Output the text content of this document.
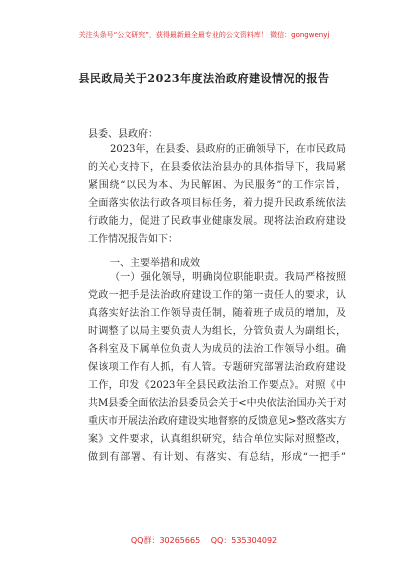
关注头条号“公文研究”，获得最新最全最专业的公文资料库！ 微信：gongwenyj
县民政局关于2023年度法治政府建设情况的报告
县委、县政府：
2023年，在县委、县政府的正确领导下，在市民政局
的关心支持下，在县委依法治县办的具体指导下，我局紧
紧围绕“以民为本、为民解困、为民服务”的工作宗旨，
全面落实依法行政各项目标任务，着力提升民政系统依法
行政能力，促进了民政事业健康发展。现将法治政府建设
工作情况报告如下：
一、主要举措和成效
（一）强化领导，明确岗位职能职责。我局严格按照
党政一把手是法治政府建设工作的第一责任人的要求，认
真落实好法治工作领导责任制，随着班子成员的增加，及
时调整了以局主要负责人为组长，分管负责人为副组长，
各科室及下属单位负责人为成员的法治工作领导小组。确
保该项工作有人抓，有人管。专题研究部署法治政府建设
工作，印发《2023年全县民政法治工作要点》。对照《中
共M县委全面依法治县委员会关于<中央依法治国办关于对
重庆市开展法治政府建设实地督察的反馈意见>整改落实方
案》文件要求，认真组织研究，结合单位实际对照整改，
做到有部署、有计划、有落实、有总结，形成“一把手”
QQ群：30265665 QQ：535304092
